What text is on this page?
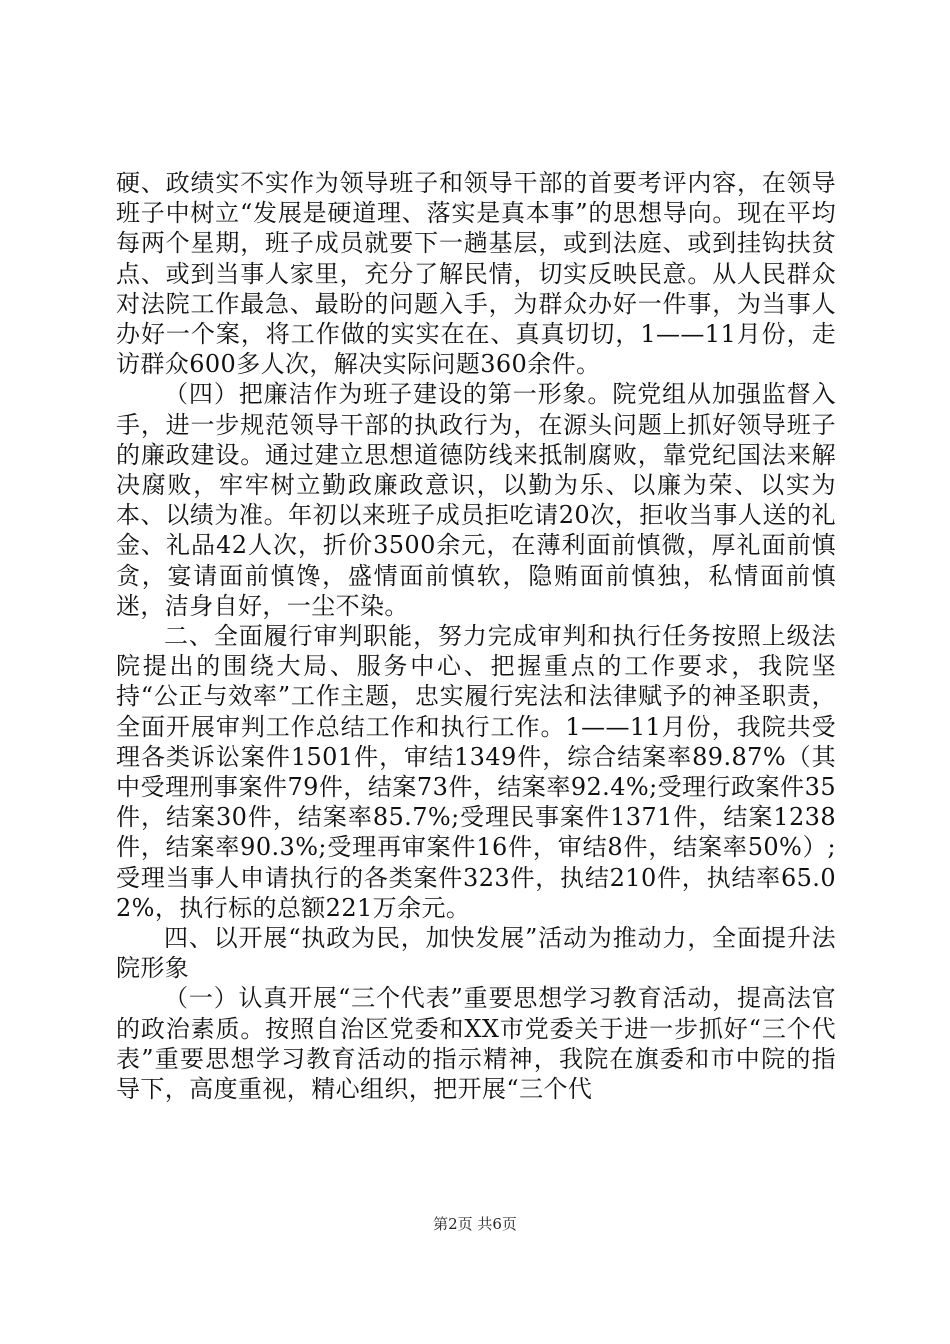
硬、政绩实不实作为领导班子和领导干部的首要考评内容，在领导班子中树立“发展是硬道理、落实是真本事”的思想导向。现在平均每两个星期，班子成员就要下一趟基层，或到法庭、或到挂钩扶贫点、或到当事人家里，充分了解民情，切实反映民意。从人民群众对法院工作最急、最盼的问题入手，为群众办好一件事，为当事人办好一个案，将工作做的实实在在、真真切切，1——11月份，走访群众600多人次，解决实际问题360余件。

（四）把廉洁作为班子建设的第一形象。院党组从加强监督入手，进一步规范领导干部的执政行为，在源头问题上抓好领导班子的廉政建设。通过建立思想道德防线来抵制腐败，靠党纪国法来解决腐败，牢牢树立勤政廉政意识，以勤为乐、以廉为荣、以实为本、以绩为准。年初以来班子成员拒吃请20次，拒收当事人送的礼金、礼品42人次，折价3500余元，在薄利面前慎微，厚礼面前慎贪，宴请面前慎馋，盛情面前慎软，隐贿面前慎独，私情面前慎迷，洁身自好，一尘不染。

二、全面履行审判职能，努力完成审判和执行任务按照上级法院提出的围绕大局、服务中心、把握重点的工作要求，我院坚持“公正与效率”工作主题，忠实履行宪法和法律赋予的神圣职责，全面开展审判工作总结工作和执行工作。1——11月份，我院共受理各类诉讼案件1501件，审结1349件，综合结案率89.87%（其中受理刑事案件79件，结案73件，结案率92.4%;受理行政案件35件，结案30件，结案率85.7%;受理民事案件1371件，结案1238件，结案率90.3%;受理再审案件16件，审结8件，结案率50%）;受理当事人申请执行的各类案件323件，执结210件，执结率65.02%，执行标的总额221万余元。

四、以开展“执政为民，加快发展”活动为推动力，全面提升法院形象

（一）认真开展“三个代表”重要思想学习教育活动，提高法官的政治素质。按照自治区党委和XX市党委关于进一步抓好“三个代表”重要思想学习教育活动的指示精神，我院在旗委和市中院的指导下，高度重视，精心组织，把开展“三个代

第2页 共6页
